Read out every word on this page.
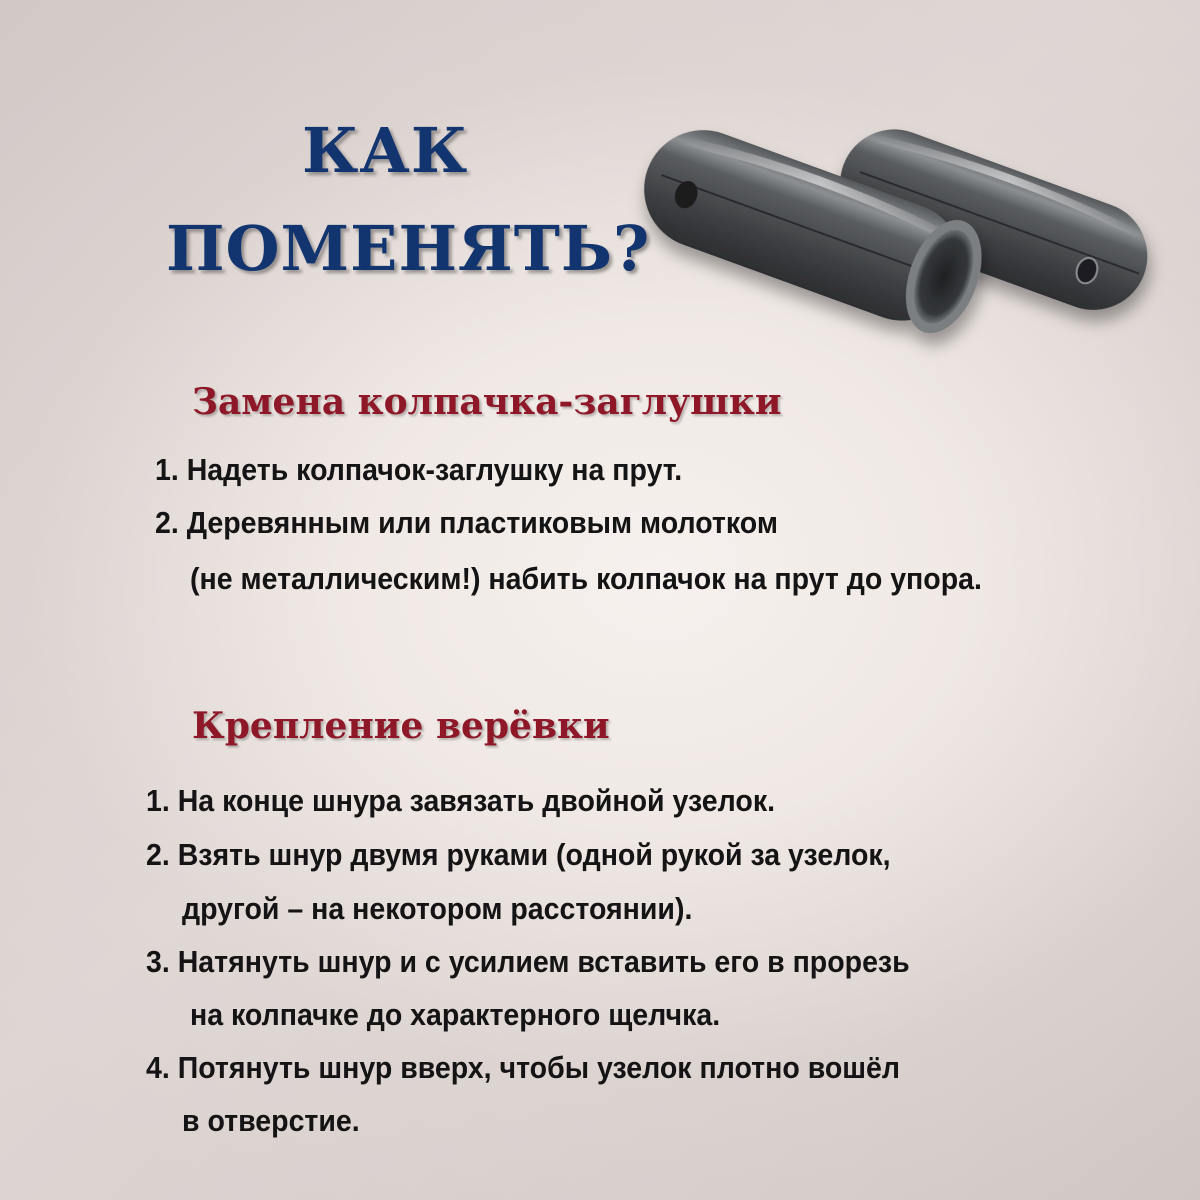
КАК
ПОМЕНЯТЬ?
Замена колпачка-заглушки

1. Надеть колпачок-заглушку на прут.

2. Деревянным или пластиковым молотком

(не металлическим!) набить колпачок на прут до упора.

Крепление верёвки

1. На конце шнура завязать двойной узелок.

2. Взять шнур двумя руками (одной рукой за узелок,

другой – на некотором расстоянии).

3. Натянуть шнур и с усилием вставить его в прорезь

на колпачке до характерного щелчка.

4. Потянуть шнур вверх, чтобы узелок плотно вошёл

в отверстие.
